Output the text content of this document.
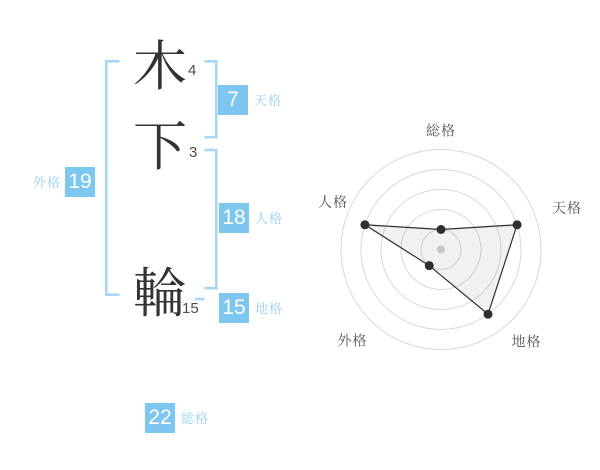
木 4
下 3
輪
15
7	天格
18 人格
15 地格
外格 19
22 総格
総格
天格
地格
外格
人格
